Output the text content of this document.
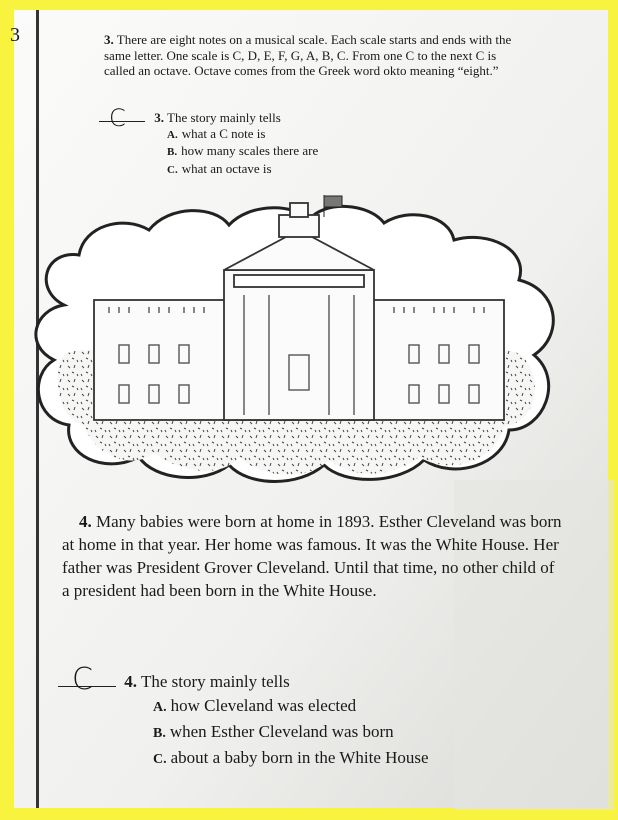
3	3. There are eight notes on a musical scale. Each scale starts and ends with the same letter. One scale is C, D, E, F, G, A, B, C. From one C to the next C is called an octave. Octave comes from the Greek word okto meaning “eight.”
C 3. The story mainly tells
A. what a C note is
B. how many scales there are
C. what an octave is
4. Many babies were born at home in 1893. Esther Cleveland was born at home in that year. Her home was famous. It was the White House. Her father was President Grover Cleveland. Until that time, no other child of a president had been born in the White House.
C 4. The story mainly tells
A. how Cleveland was elected
B. when Esther Cleveland was born
C. about a baby born in the White House
